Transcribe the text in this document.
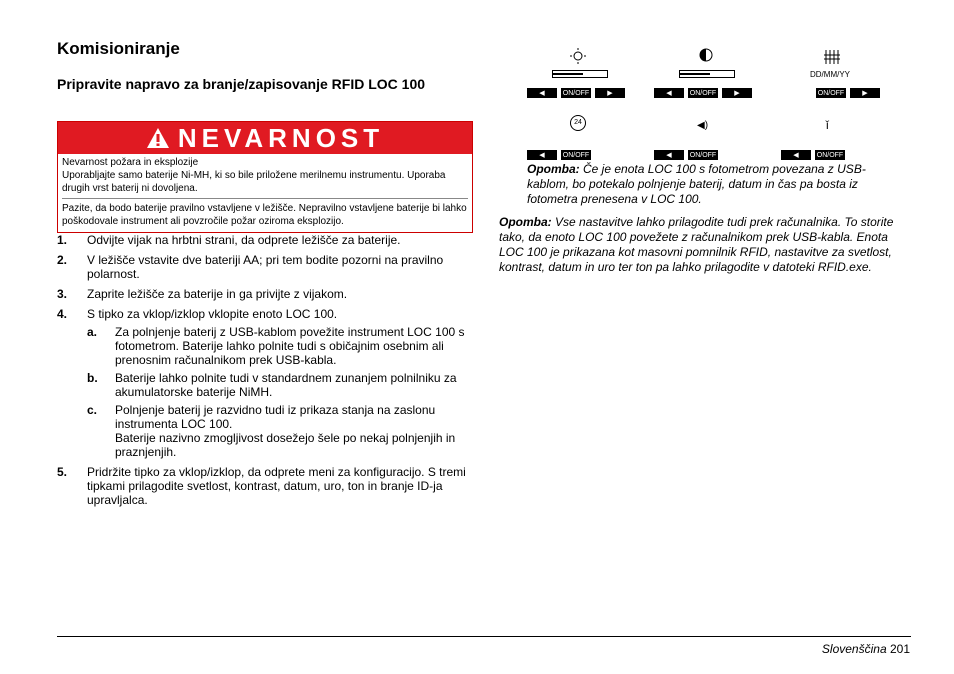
Komisioniranje
Pripravite napravo za branje/zapisovanje RFID LOC 100
NEVARNOST
Nevarnost požara in eksplozije
Uporabljajte samo baterije Ni-MH, ki so bile priložene merilnemu instrumentu. Uporaba drugih vrst baterij ni dovoljena.
Pazite, da bodo baterije pravilno vstavljene v ležišče. Nepravilno vstavljene baterije bi lahko poškodovale instrument ali povzročile požar oziroma eksplozijo.
1.	Odvijte vijak na hrbtni strani, da odprete ležišče za baterije.
2.	V ležišče vstavite dve bateriji AA; pri tem bodite pozorni na pravilno polarnost.
3.	Zaprite ležišče za baterije in ga privijte z vijakom.
4.	S tipko za vklop/izklop vklopite enoto LOC 100.
a.	Za polnjenje baterij z USB-kablom povežite instrument LOC 100 s fotometrom. Baterije lahko polnite tudi s običajnim osebnim ali prenosnim računalnikom prek USB-kabla.
b.	Baterije lahko polnite tudi v standardnem zunanjem polnilniku za akumulatorske baterije NiMH.
c.	Polnjenje baterij je razvidno tudi iz prikaza stanja na zaslonu instrumenta LOC 100.
Baterije nazivno zmogljivost dosežejo šele po nekaj polnjenjih in praznjenjih.
5.	Pridržite tipko za vklop/izklop, da odprete meni za konfiguracijo. S tremi tipkami prilagodite svetlost, kontrast, datum, uro, ton in branje ID-ja upravljalca.
DD/MM/YY
◀	ON/OFF	▶	◀	ON/OFF	▶	ON/OFF	▶
24	◀)	ǐ
◀	ON/OFF	◀	ON/OFF	◀	ON/OFF
Opomba: Če je enota LOC 100 s fotometrom povezana z USB-kablom, bo potekalo polnjenje baterij, datum in čas pa bosta iz fotometra prenesena v LOC 100.
Opomba: Vse nastavitve lahko prilagodite tudi prek računalnika. To storite tako, da enoto LOC 100 povežete z računalnikom prek USB-kabla. Enota LOC 100 je prikazana kot masovni pomnilnik RFID, nastavitve za svetlost, kontrast, datum in uro ter ton pa lahko prilagodite v datoteki RFID.exe.
Slovenščina 201
